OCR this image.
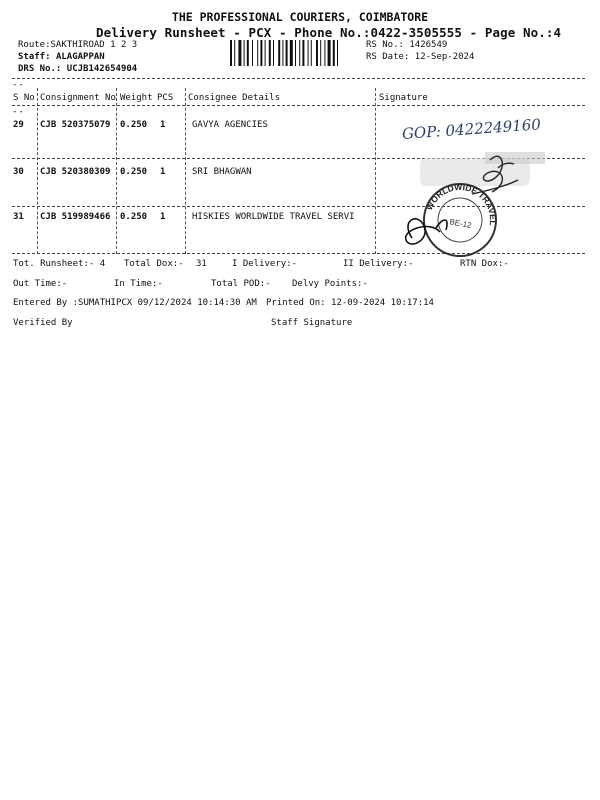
THE PROFESSIONAL COURIERS, COIMBATORE
Delivery Runsheet - PCX - Phone No.:0422-3505555 - Page No.:4
Route:SAKTHIROAD 1 2 3
Staff: ALAGAPPAN
DRS No.: UCJB142654904
RS No.: 1426549
RS Date: 12-Sep-2024
--
S No Consignment No Weight PCS Consignee Details	Signature
--
29 CJB 520375079 0.250 1	GAVYA AGENCIES
30 CJB 520380309 0.250 1	SRI BHAGWAN
31 CJB 519989466 0.250 1	HISKIES WORLDWIDE TRAVEL SERVI
GOP: 0422249160
WORLDWIDE TRAVEL
BE-12
Tot. Runsheet:- 4 Total Dox:- 31	I Delivery:-	II Delivery:-	RTN Dox:-
Out Time:-	In Time:-	Total POD:- Delvy Points:-
Entered By :SUMATHIPCX 09/12/2024 10:14:30 AM Printed On: 12-09-2024 10:17:14
Verified By	Staff Signature
